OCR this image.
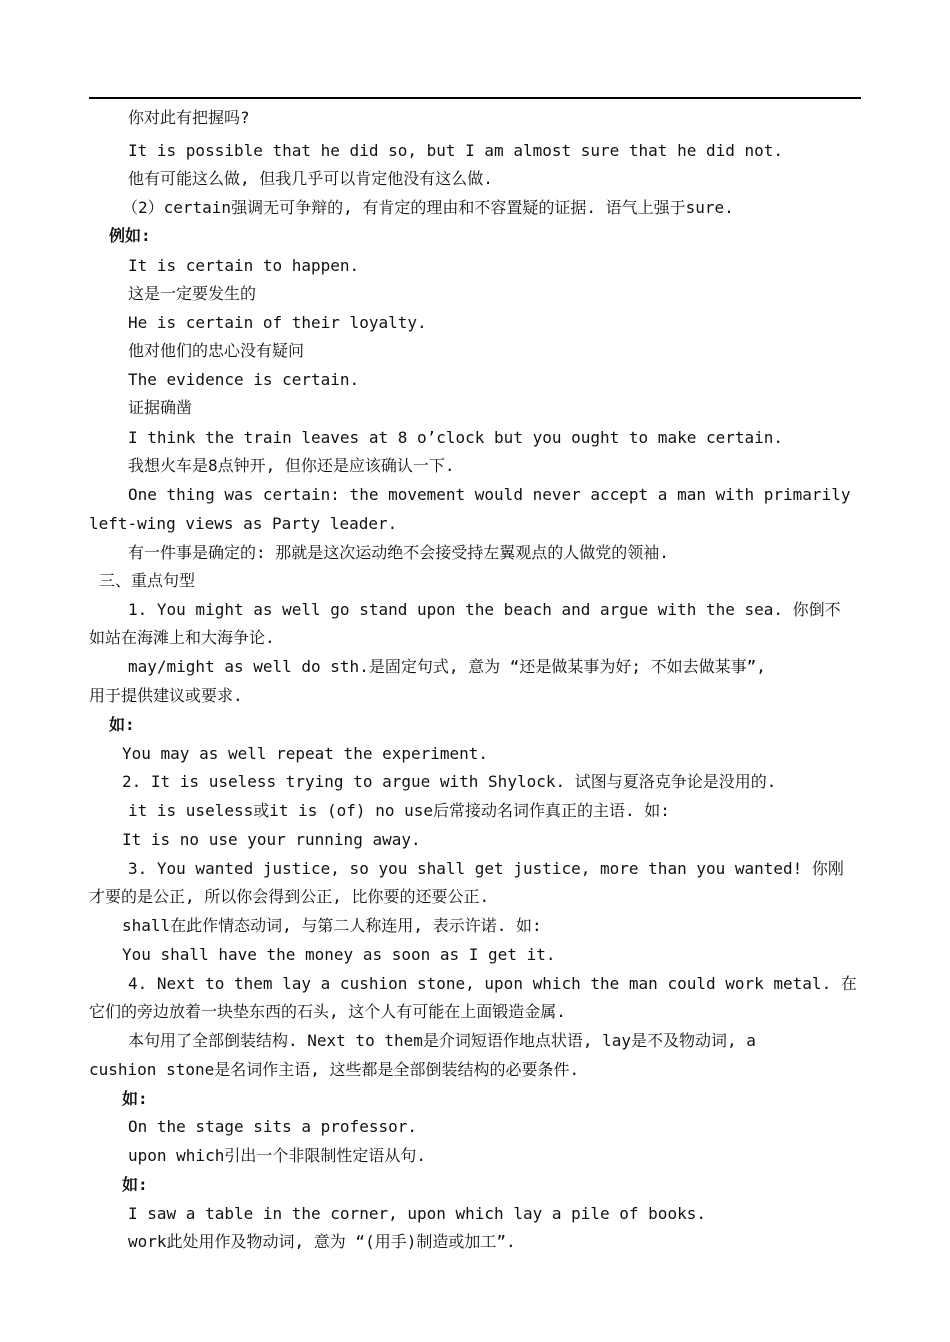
你对此有把握吗?
It is possible that he did so, but I am almost sure that he did not.
他有可能这么做, 但我几乎可以肯定他没有这么做.
（2）certain强调无可争辩的, 有肯定的理由和不容置疑的证据. 语气上强于sure.
例如:
It is certain to happen.
这是一定要发生的
He is certain of their loyalty.
他对他们的忠心没有疑问
The evidence is certain.
证据确凿
I think the train leaves at 8 o’clock but you ought to make certain.
我想火车是8点钟开, 但你还是应该确认一下.
One thing was certain: the movement would never accept a man with primarily
left-wing views as Party leader.
有一件事是确定的: 那就是这次运动绝不会接受持左翼观点的人做党的领袖.
三、重点句型
1. You might as well go stand upon the beach and argue with the sea. 你倒不
如站在海滩上和大海争论.
may/might as well do sth.是固定句式, 意为 “还是做某事为好; 不如去做某事”,
用于提供建议或要求.
如:
You may as well repeat the experiment.
2. It is useless trying to argue with Shylock. 试图与夏洛克争论是没用的.
it is useless或it is (of) no use后常接动名词作真正的主语. 如:
It is no use your running away.
3. You wanted justice, so you shall get justice, more than you wanted! 你刚
才要的是公正, 所以你会得到公正, 比你要的还要公正.
shall在此作情态动词, 与第二人称连用, 表示许诺. 如:
You shall have the money as soon as I get it.
4. Next to them lay a cushion stone, upon which the man could work metal. 在
它们的旁边放着一块垫东西的石头, 这个人有可能在上面锻造金属.
本句用了全部倒装结构. Next to them是介词短语作地点状语, lay是不及物动词, a
cushion stone是名词作主语, 这些都是全部倒装结构的必要条件.
如:
On the stage sits a professor.
upon which引出一个非限制性定语从句.
如:
I saw a table in the corner, upon which lay a pile of books.
work此处用作及物动词, 意为 “(用手)制造或加工”.
